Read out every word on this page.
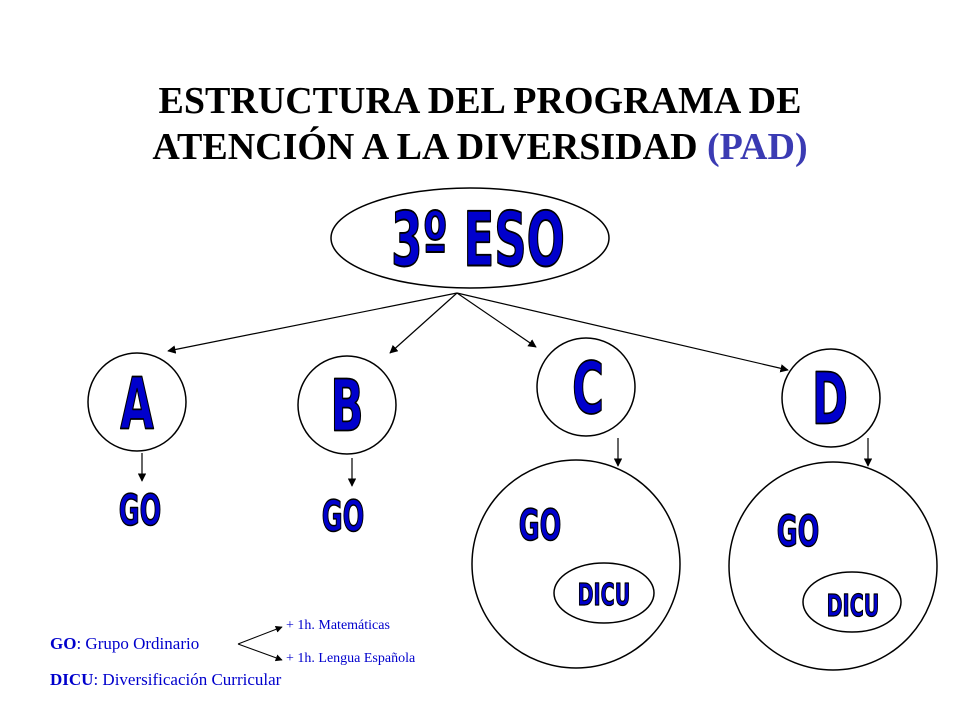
ESTRUCTURA DEL PROGRAMA DE
ATENCIÓN A LA DIVERSIDAD (PAD)
3º ESO
A	B	C	D
GO	GO	GO	GO
DICU	DICU
GO: Grupo Ordinario
DICU: Diversificación Curricular
+ 1h. Matemáticas
+ 1h. Lengua Española
